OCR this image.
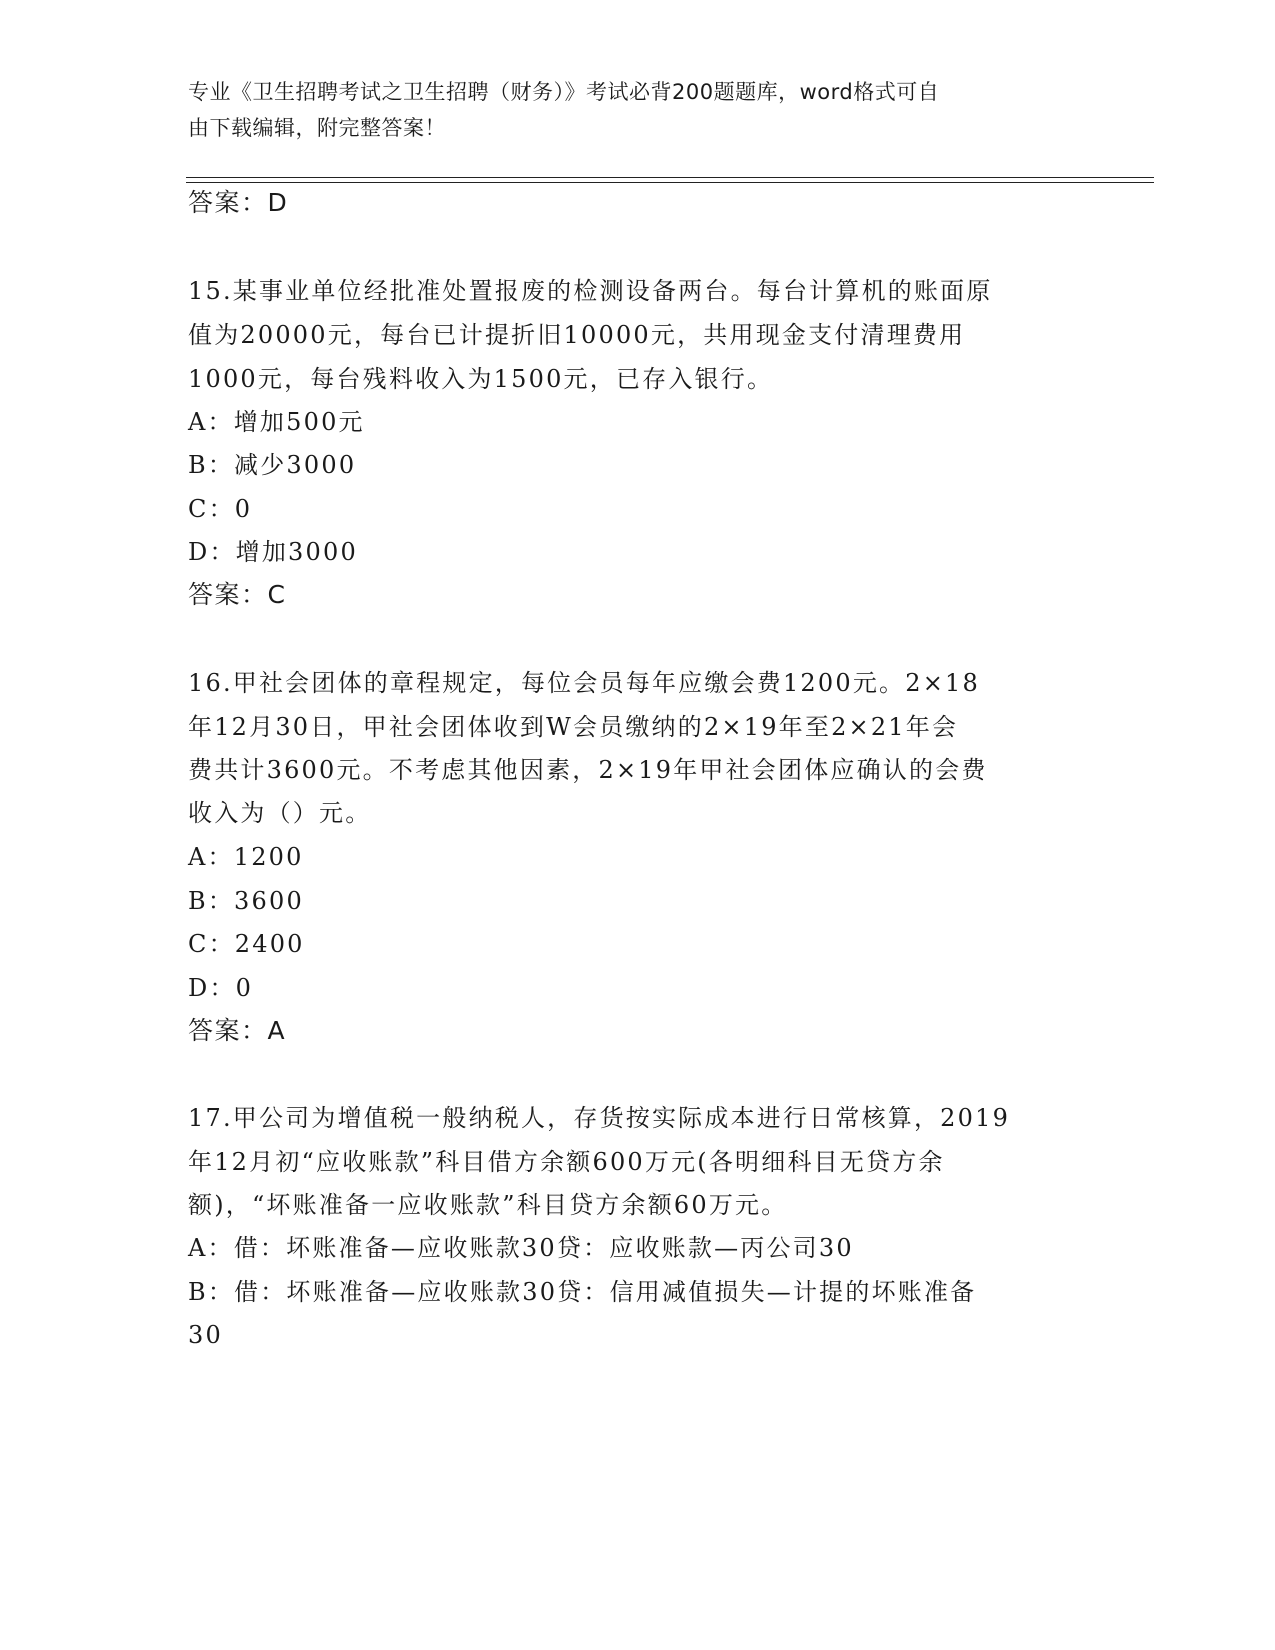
专业《卫生招聘考试之卫生招聘（财务）》考试必背200题题库，word格式可自
由下载编辑，附完整答案！
答案：D
15.某事业单位经批准处置报废的检测设备两台。每台计算机的账面原
值为20000元，每台已计提折旧10000元，共用现金支付清理费用
1000元，每台残料收入为1500元，已存入银行。
A：增加500元
B：减少3000
C：0
D：增加3000
答案：C
16.甲社会团体的章程规定，每位会员每年应缴会费1200元。2×18
年12月30日，甲社会团体收到W会员缴纳的2×19年至2×21年会
费共计3600元。不考虑其他因素，2×19年甲社会团体应确认的会费
收入为（）元。
A：1200
B：3600
C：2400
D：0
答案：A
17.甲公司为增值税一般纳税人，存货按实际成本进行日常核算，2019
年12月初“应收账款”科目借方余额600万元(各明细科目无贷方余
额)，“坏账准备一应收账款”科目贷方余额60万元。
A：借：坏账准备—应收账款30贷：应收账款—丙公司30
B：借：坏账准备—应收账款30贷：信用减值损失—计提的坏账准备
30
